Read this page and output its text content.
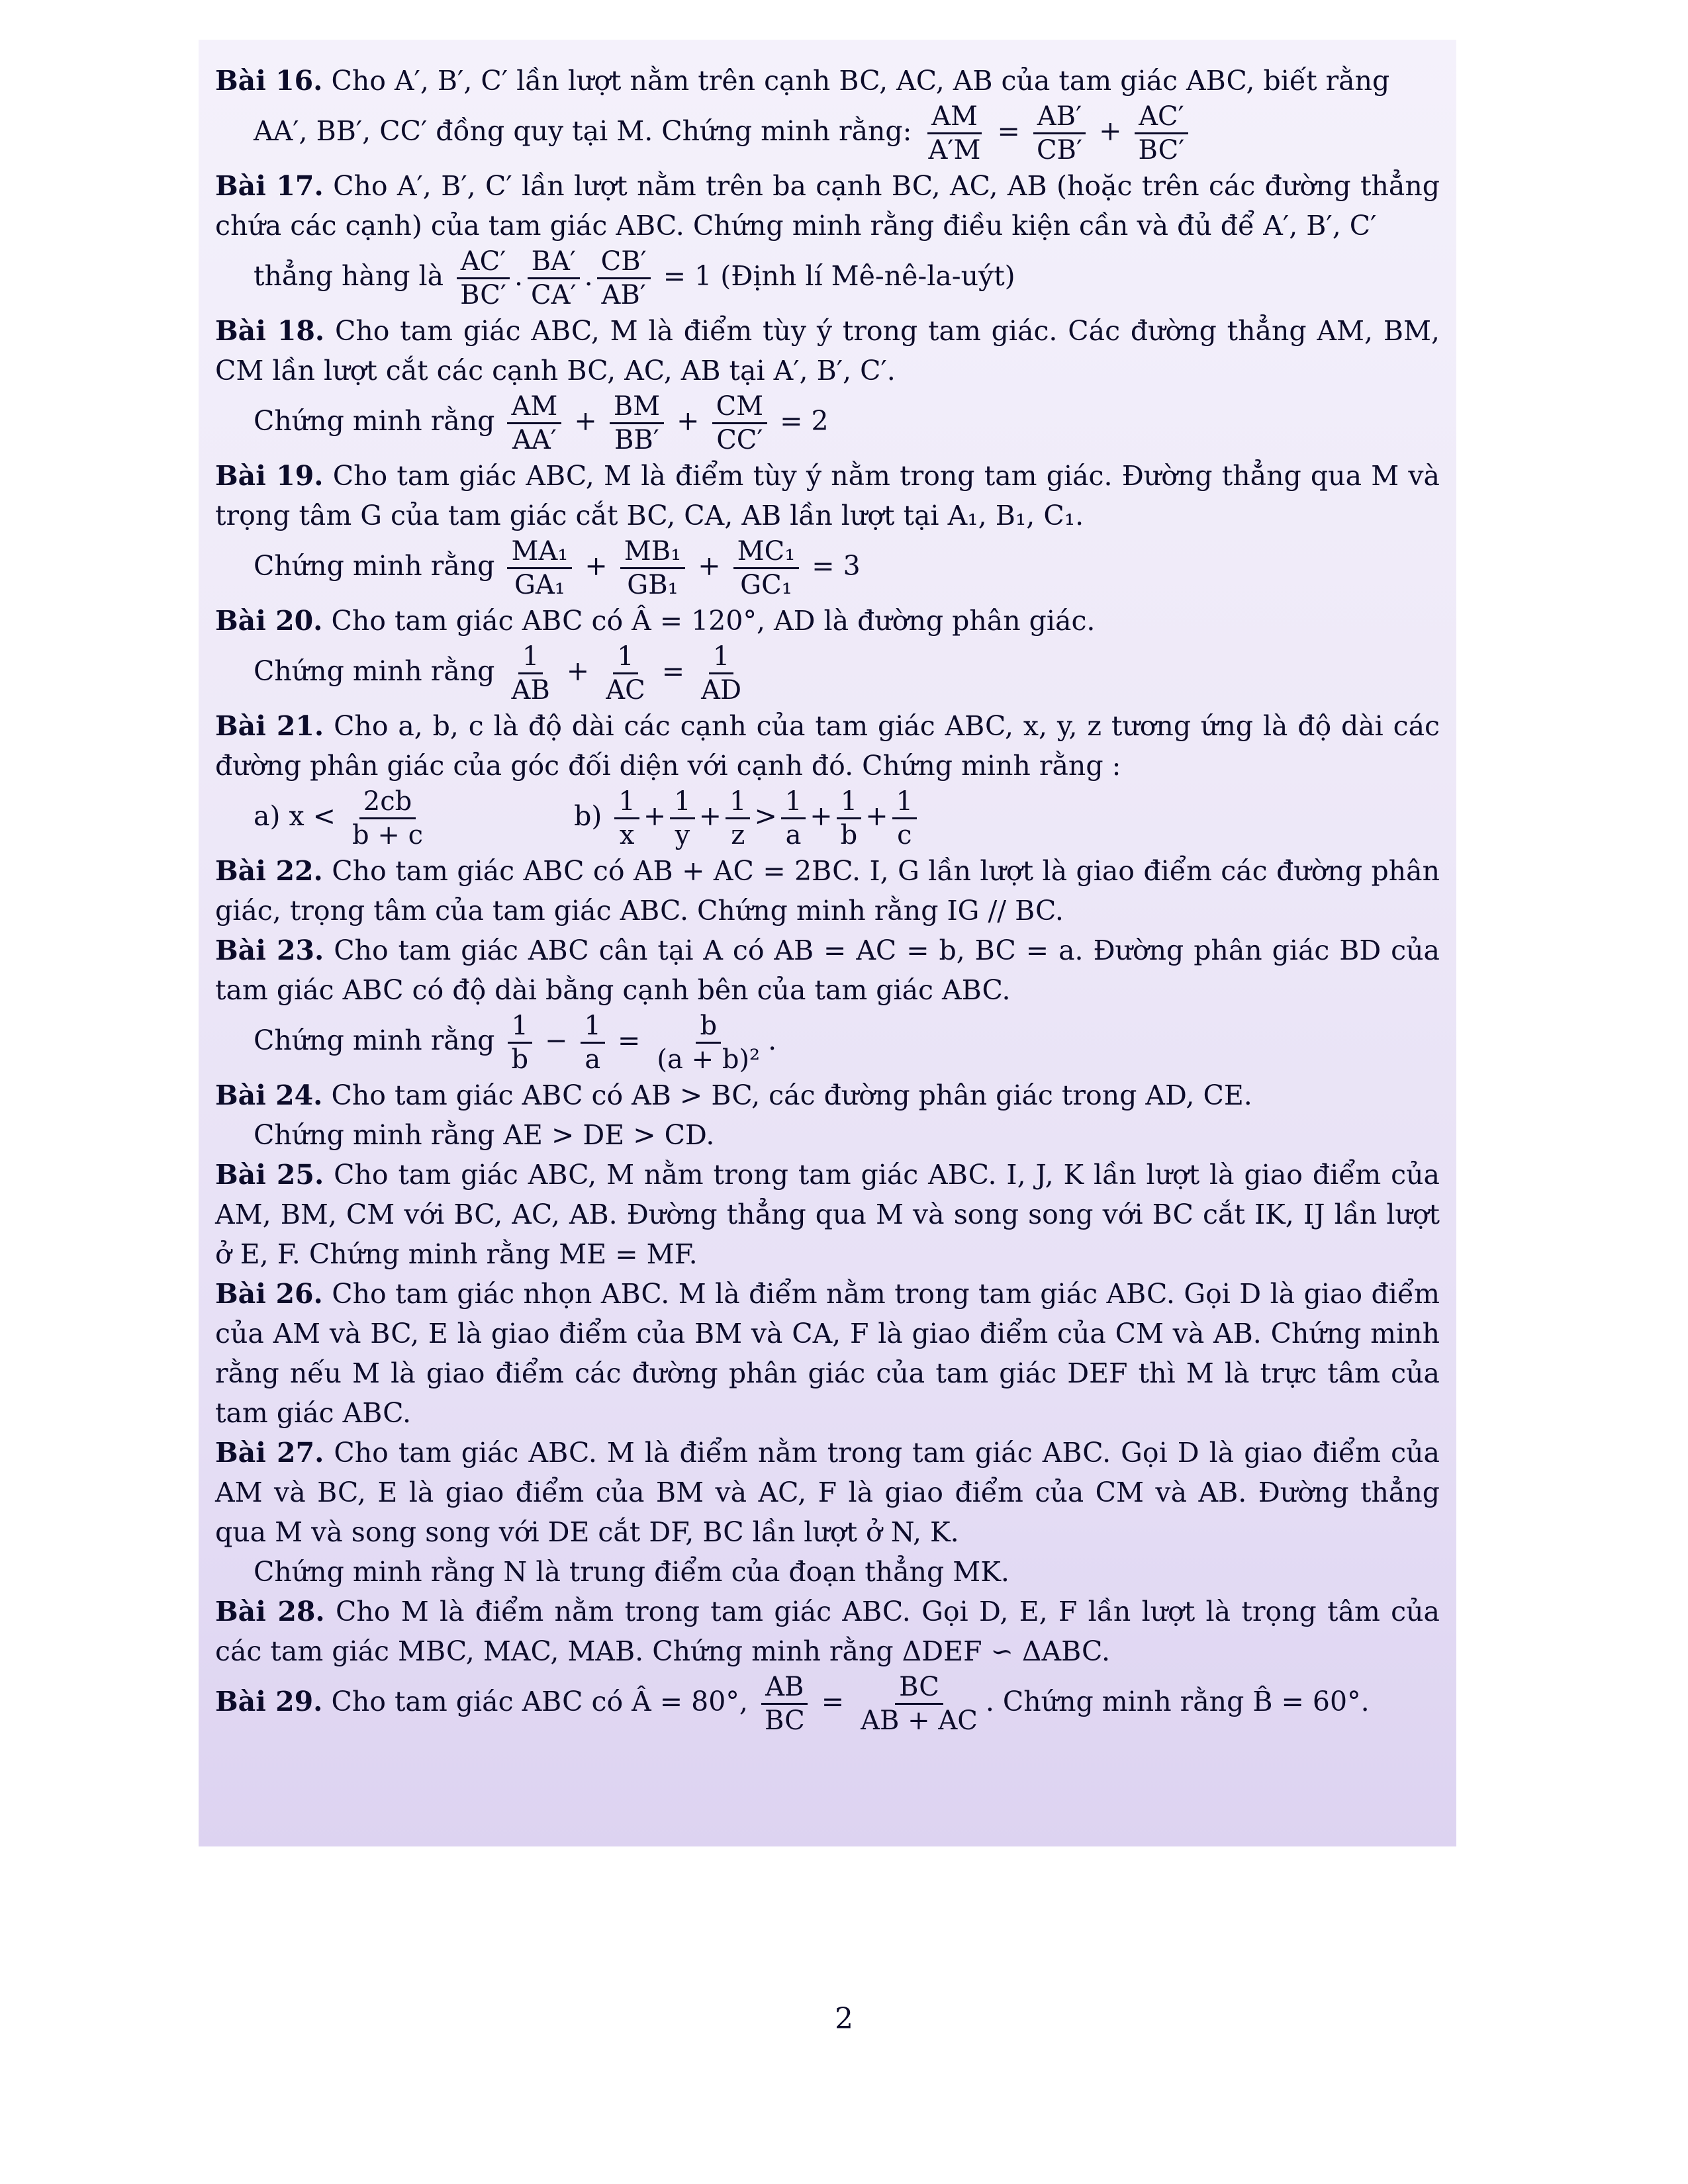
Bài 16. Cho A′, B′, C′ lần lượt nằm trên cạnh BC, AC, AB của tam giác ABC, biết rằng
AA′, BB′, CC′ đồng quy tại M. Chứng minh rằng: $\frac{AM}{A'M} = \frac{AB'}{CB'} + \frac{AC'}{BC'}$

Bài 17. Cho A′, B′, C′ lần lượt nằm trên ba cạnh BC, AC, AB (hoặc trên các đường thẳng chứa các cạnh) của tam giác ABC. Chứng minh rằng điều kiện cần và đủ để A′, B′, C′
thẳng hàng là $\frac{AC'}{BC'}$ . $\frac{BA'}{CA'}$ . $\frac{CB'}{AB'} = 1$ (Định lí Mê-nê-la-uýt)

Bài 18. Cho tam giác ABC, M là điểm tùy ý trong tam giác. Các đường thẳng AM, BM, CM lần lượt cắt các cạnh BC, AC, AB tại A′, B′, C′.
Chứng minh rằng $\frac{AM}{AA'} + \frac{BM}{BB'} + \frac{CM}{CC'} = 2$

Bài 19. Cho tam giác ABC, M là điểm tùy ý nằm trong tam giác. Đường thẳng qua M và trọng tâm G của tam giác cắt BC, CA, AB lần lượt tại A₁, B₁, C₁.
Chứng minh rằng $\frac{\text{MA₁}}{\text{GA₁}} + \frac{\text{MB₁}}{\text{GB₁}} + \frac{\text{MC₁}}{\text{GC₁}} = 3$

Bài 20. Cho tam giác ABC có Â = 120°, AD là đường phân giác.
Chứng minh rằng $\frac{1}{AB} + \frac{1}{AC} = \frac{1}{AD}$

Bài 21. Cho a, b, c là độ dài các cạnh của tam giác ABC, x, y, z tương ứng là độ dài các đường phân giác của góc đối diện với cạnh đó. Chứng minh rằng :
a) $x < \frac{2cb}{b + c}$	$b) \frac{1}{x} + \frac{1}{y} + \frac{1}{z} > \frac{1}{a} + \frac{1}{b} + \frac{1}{c}$

Bài 22. Cho tam giác ABC có AB + AC = 2BC. I, G lần lượt là giao điểm các đường phân giác, trọng tâm của tam giác ABC. Chứng minh rằng IG // BC.

Bài 23. Cho tam giác ABC cân tại A có AB = AC = b, BC = a. Đường phân giác BD của tam giác ABC có độ dài bằng cạnh bên của tam giác ABC.
Chứng minh rằng $\frac{1}{b} - \frac{1}{a} = \frac{b}{\text{(a + b)²}}$ .

Bài 24. Cho tam giác ABC có AB > BC, các đường phân giác trong AD, CE.
Chứng minh rằng AE > DE > CD.

Bài 25. Cho tam giác ABC, M nằm trong tam giác ABC. I, J, K lần lượt là giao điểm của AM, BM, CM với BC, AC, AB. Đường thẳng qua M và song song với BC cắt IK, IJ lần lượt ở E, F. Chứng minh rằng ME = MF.

Bài 26. Cho tam giác nhọn ABC. M là điểm nằm trong tam giác ABC. Gọi D là giao điểm của AM và BC, E là giao điểm của BM và CA, F là giao điểm của CM và AB. Chứng minh rằng nếu M là giao điểm các đường phân giác của tam giác DEF thì M là trực tâm của tam giác ABC.

Bài 27. Cho tam giác ABC. M là điểm nằm trong tam giác ABC. Gọi D là giao điểm của AM và BC, E là giao điểm của BM và AC, F là giao điểm của CM và AB. Đường thẳng qua M và song song với DE cắt DF, BC lần lượt ở N, K.
Chứng minh rằng N là trung điểm của đoạn thẳng MK.

Bài 28. Cho M là điểm nằm trong tam giác ABC. Gọi D, E, F lần lượt là trọng tâm của các tam giác MBC, MAC, MAB. Chứng minh rằng ΔDEF ∽ ΔABC.

Bài 29. Cho tam giác ABC có Â = 80°, $\frac{AB}{BC} = \frac{BC}{AB + AC}$ . Chứng minh rằng B̂ = 60°.

2
